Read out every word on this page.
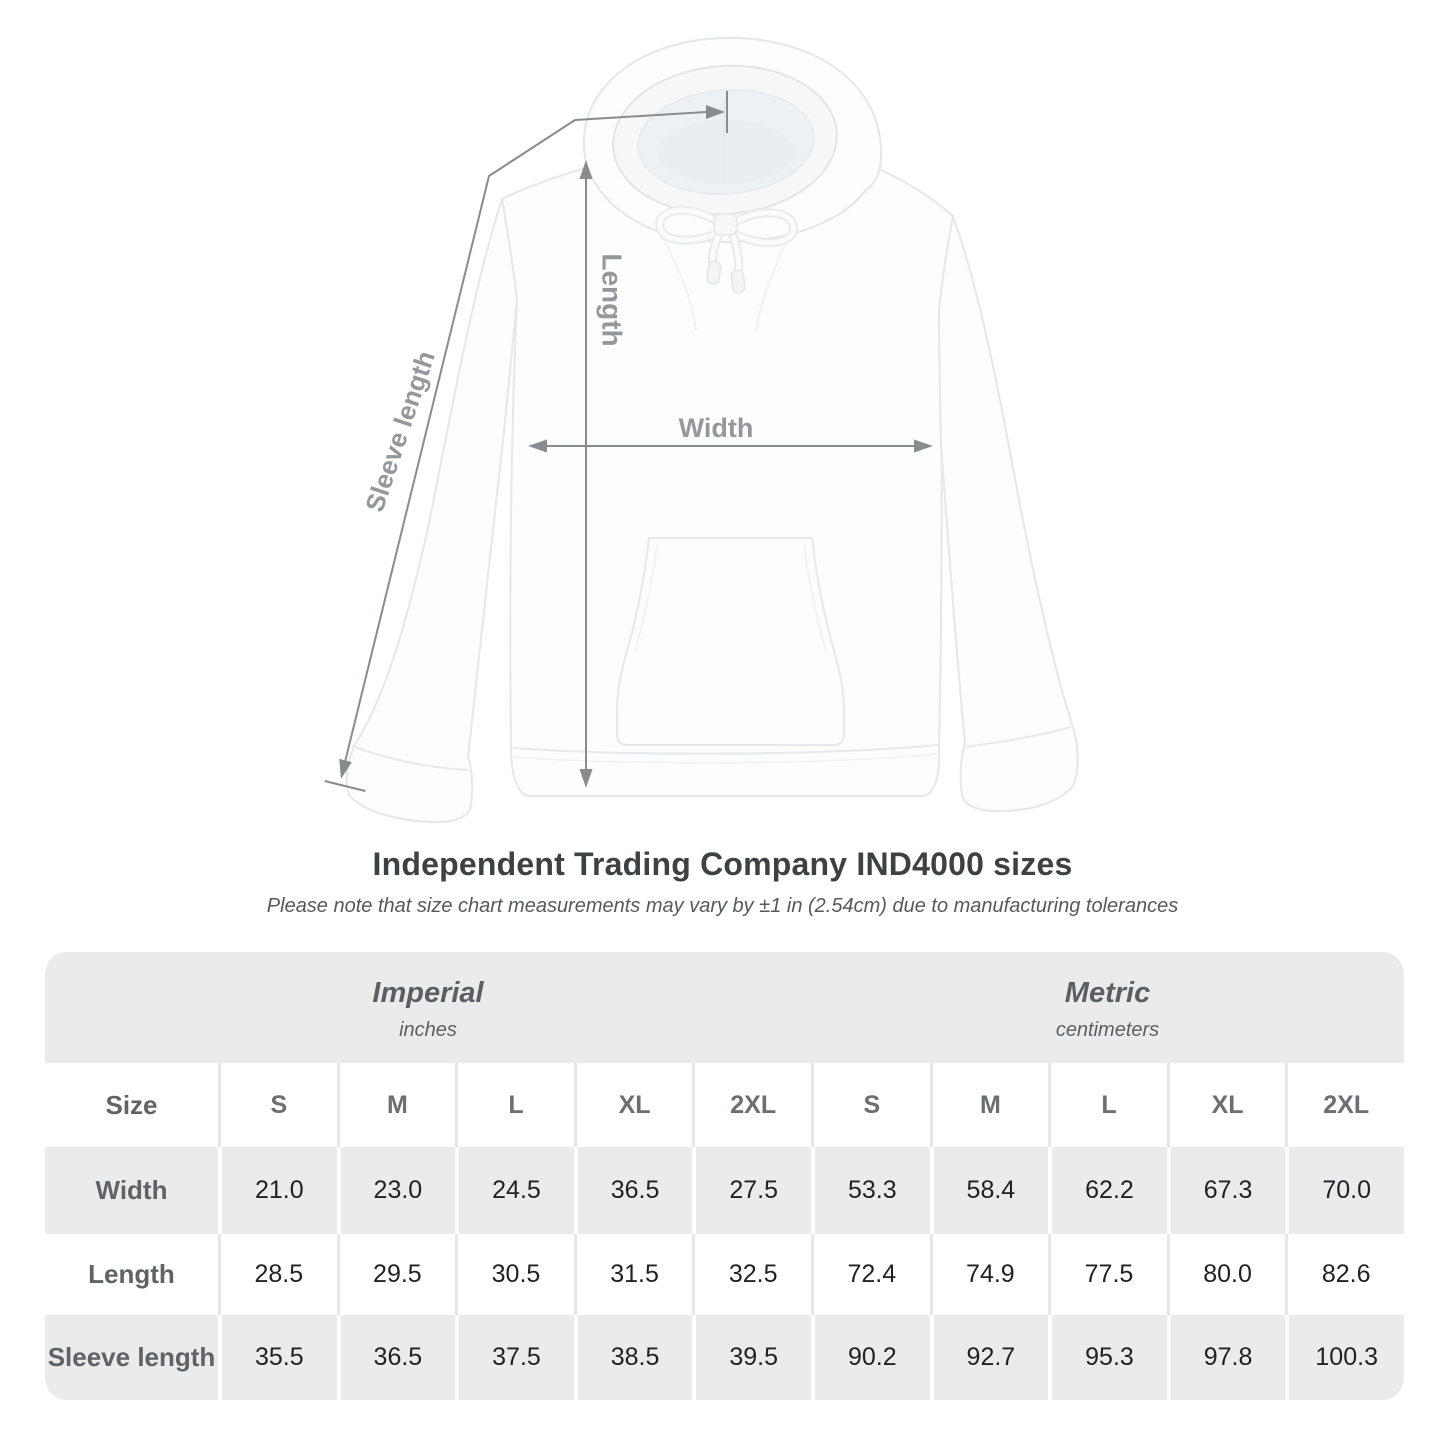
Width
Length
Sleeve length
Independent Trading Company IND4000 sizes
Please note that size chart measurements may vary by ±1 in (2.54cm) due to manufacturing tolerances
Imperial
inches
Metric
centimeters
Size	S	M	L	XL	2XL	S	M	L	XL	2XL
Width	21.0	23.0	24.5	36.5	27.5	53.3	58.4	62.2	67.3	70.0
Length	28.5	29.5	30.5	31.5	32.5	72.4	74.9	77.5	80.0	82.6
Sleeve length	35.5	36.5	37.5	38.5	39.5	90.2	92.7	95.3	97.8	100.3
